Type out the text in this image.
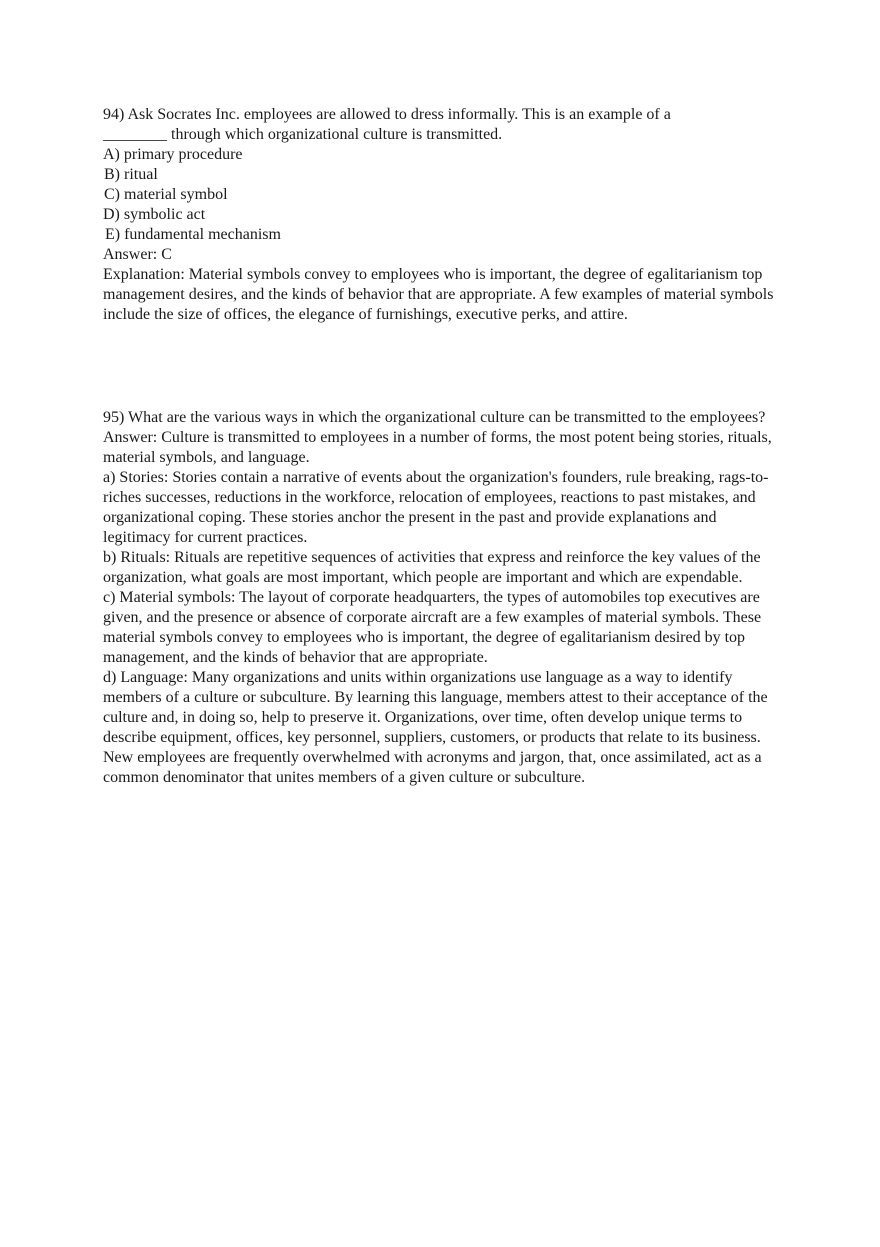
94) Ask Socrates Inc. employees are allowed to dress informally. This is an example of a
________ through which organizational culture is transmitted.
A) primary procedure
B) ritual
C) material symbol
D) symbolic act
E) fundamental mechanism
Answer: C
Explanation: Material symbols convey to employees who is important, the degree of egalitarianism top management desires, and the kinds of behavior that are appropriate. A few examples of material symbols include the size of offices, the elegance of furnishings, executive perks, and attire.
95) What are the various ways in which the organizational culture can be transmitted to the employees?
Answer: Culture is transmitted to employees in a number of forms, the most potent being stories, rituals, material symbols, and language.
a) Stories: Stories contain a narrative of events about the organization's founders, rule breaking, rags-to-riches successes, reductions in the workforce, relocation of employees, reactions to past mistakes, and organizational coping. These stories anchor the present in the past and provide explanations and legitimacy for current practices.
b) Rituals: Rituals are repetitive sequences of activities that express and reinforce the key values of the organization, what goals are most important, which people are important and which are expendable.
c) Material symbols: The layout of corporate headquarters, the types of automobiles top executives are given, and the presence or absence of corporate aircraft are a few examples of material symbols. These material symbols convey to employees who is important, the degree of egalitarianism desired by top management, and the kinds of behavior that are appropriate.
d) Language: Many organizations and units within organizations use language as a way to identify members of a culture or subculture. By learning this language, members attest to their acceptance of the culture and, in doing so, help to preserve it. Organizations, over time, often develop unique terms to describe equipment, offices, key personnel, suppliers, customers, or products that relate to its business. New employees are frequently overwhelmed with acronyms and jargon, that, once assimilated, act as a common denominator that unites members of a given culture or subculture.
